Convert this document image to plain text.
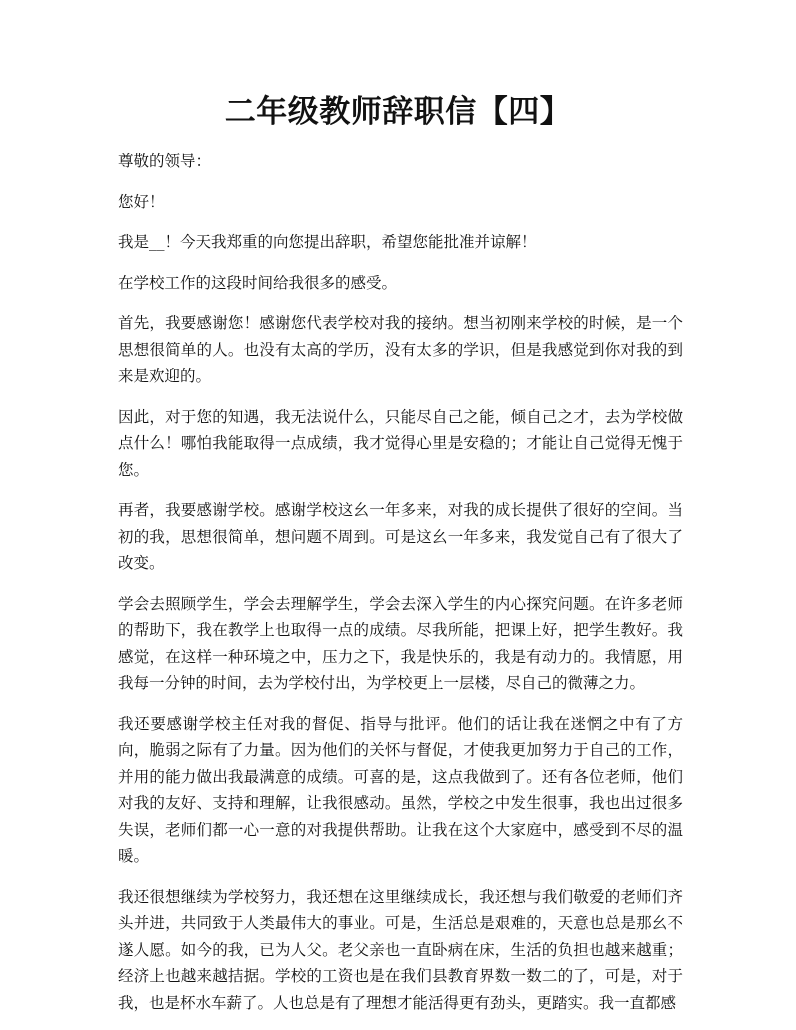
二年级教师辞职信【四】

尊敬的领导：

您好！

我是__！今天我郑重的向您提出辞职，希望您能批准并谅解！

在学校工作的这段时间给我很多的感受。

首先，我要感谢您！感谢您代表学校对我的接纳。想当初刚来学校的时候，是一个思想很简单的人。也没有太高的学历，没有太多的学识，但是我感觉到你对我的到来是欢迎的。

因此，对于您的知遇，我无法说什么，只能尽自己之能，倾自己之才，去为学校做点什么！哪怕我能取得一点成绩，我才觉得心里是安稳的；才能让自己觉得无愧于您。

再者，我要感谢学校。感谢学校这幺一年多来，对我的成长提供了很好的空间。当初的我，思想很简单，想问题不周到。可是这幺一年多来，我发觉自己有了很大了改变。

学会去照顾学生，学会去理解学生，学会去深入学生的内心探究问题。在许多老师的帮助下，我在教学上也取得一点的成绩。尽我所能，把课上好，把学生教好。我感觉，在这样一种环境之中，压力之下，我是快乐的，我是有动力的。我情愿，用我每一分钟的时间，去为学校付出，为学校更上一层楼，尽自己的微薄之力。

我还要感谢学校主任对我的督促、指导与批评。他们的话让我在迷惘之中有了方向，脆弱之际有了力量。因为他们的关怀与督促，才使我更加努力于自己的工作，并用的能力做出我最满意的成绩。可喜的是，这点我做到了。还有各位老师，他们对我的友好、支持和理解，让我很感动。虽然，学校之中发生很事，我也出过很多失误，老师们都一心一意的对我提供帮助。让我在这个大家庭中，感受到不尽的温暖。

我还很想继续为学校努力，我还想在这里继续成长，我还想与我们敬爱的老师们齐头并进，共同致于人类最伟大的事业。可是，生活总是艰难的，天意也总是那幺不遂人愿。如今的我，已为人父。老父亲也一直卧病在床，生活的负担也越来越重；经济上也越来越拮据。学校的工资也是在我们县教育界数一数二的了，可是，对于我，也是杯水车薪了。人也总是有了理想才能活得更有劲头，更踏实。我一直都感
